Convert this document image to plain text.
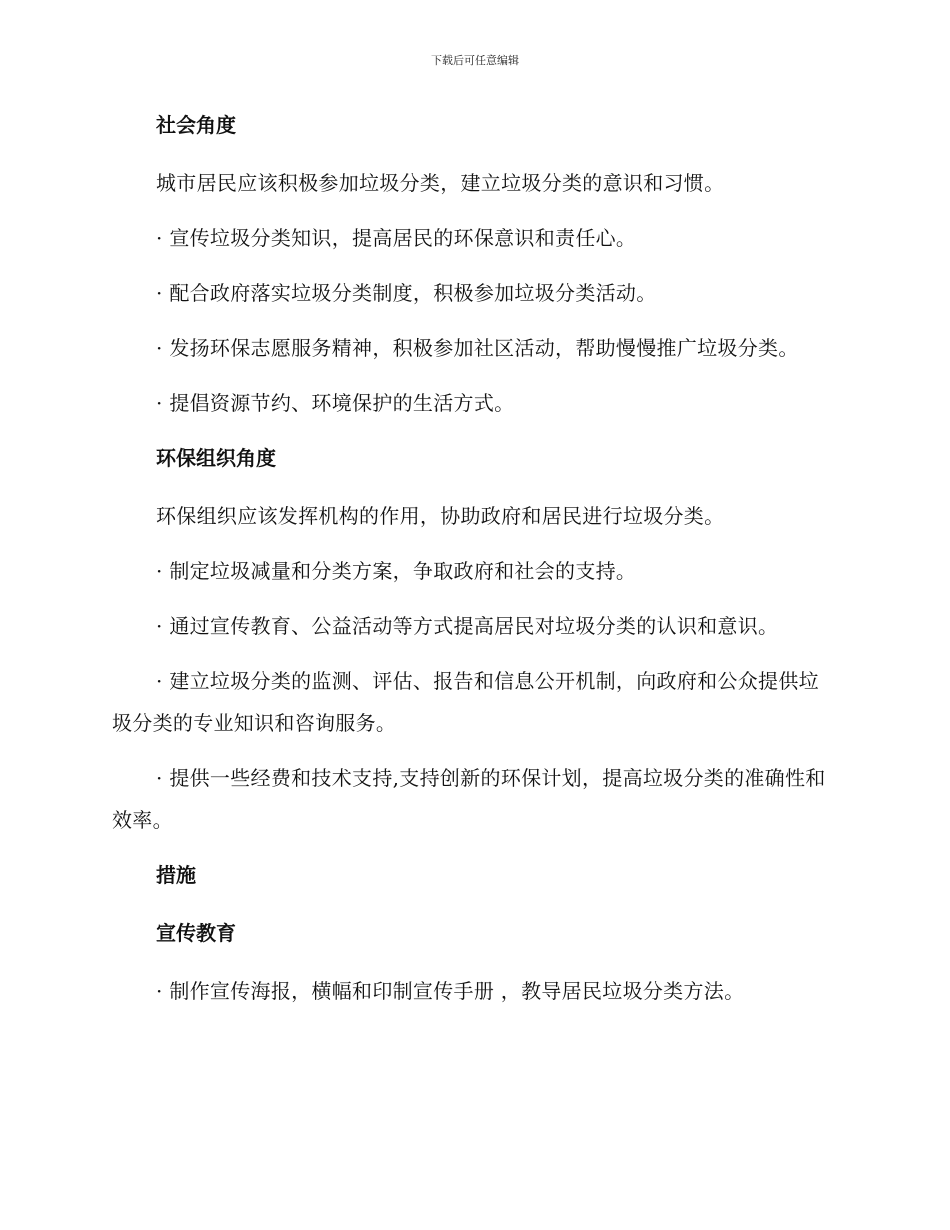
下载后可任意编辑
社会角度

城市居民应该积极参加垃圾分类，建立垃圾分类的意识和习惯。

· 宣传垃圾分类知识，提高居民的环保意识和责任心。

· 配合政府落实垃圾分类制度，积极参加垃圾分类活动。

· 发扬环保志愿服务精神，积极参加社区活动，帮助慢慢推广垃圾分类。

· 提倡资源节约、环境保护的生活方式。

环保组织角度

环保组织应该发挥机构的作用，协助政府和居民进行垃圾分类。

· 制定垃圾减量和分类方案，争取政府和社会的支持。

· 通过宣传教育、公益活动等方式提高居民对垃圾分类的认识和意识。

· 建立垃圾分类的监测、评估、报告和信息公开机制，向政府和公众提供垃圾分类的专业知识和咨询服务。

· 提供一些经费和技术支持,支持创新的环保计划，提高垃圾分类的准确性和效率。

措施
宣传教育

· 制作宣传海报，横幅和印制宣传手册 ，教导居民垃圾分类方法。
